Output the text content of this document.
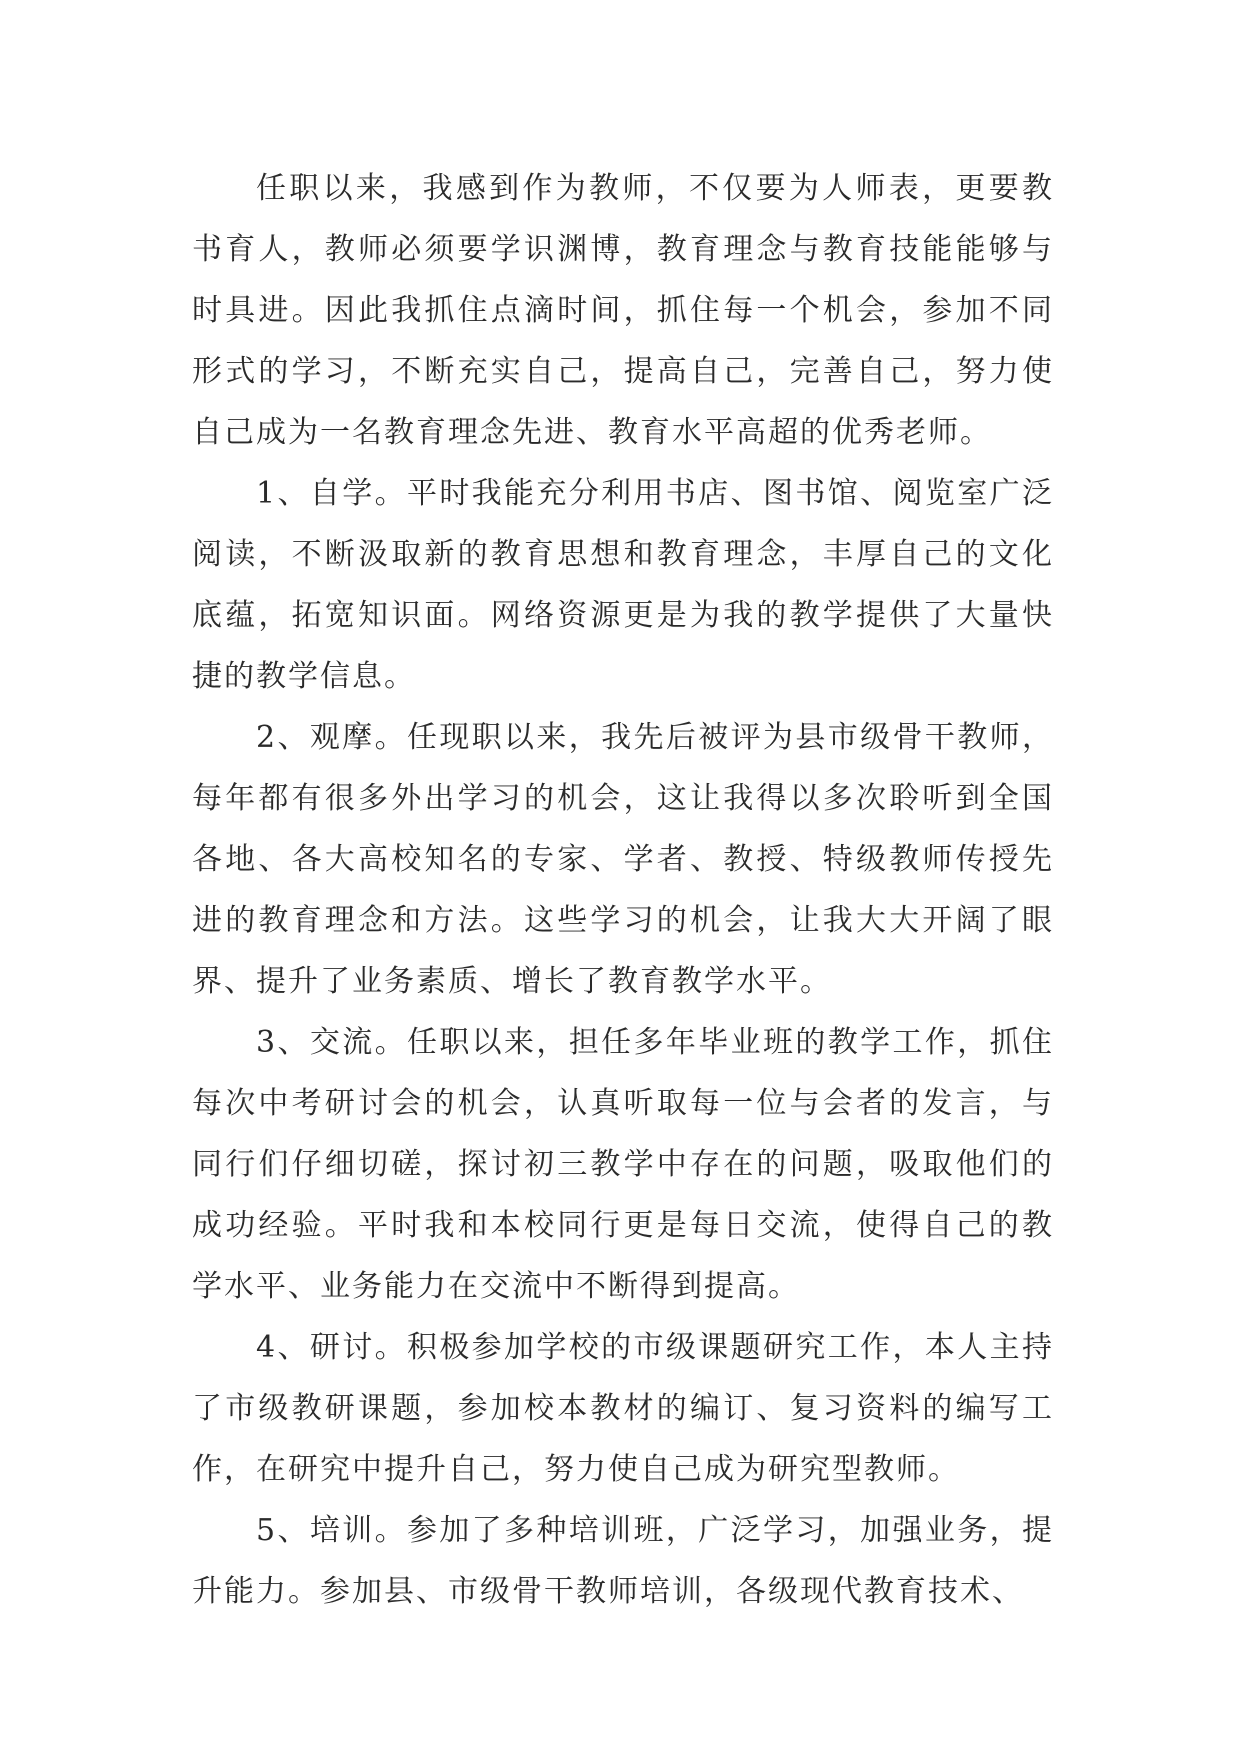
任职以来，我感到作为教师，不仅要为人师表，更要教书育人，教师必须要学识渊博，教育理念与教育技能能够与时具进。因此我抓住点滴时间，抓住每一个机会，参加不同形式的学习，不断充实自己，提高自己，完善自己，努力使自己成为一名教育理念先进、教育水平高超的优秀老师。

1、自学。平时我能充分利用书店、图书馆、阅览室广泛阅读，不断汲取新的教育思想和教育理念，丰厚自己的文化底蕴，拓宽知识面。网络资源更是为我的教学提供了大量快捷的教学信息。

2、观摩。任现职以来，我先后被评为县市级骨干教师，每年都有很多外出学习的机会，这让我得以多次聆听到全国各地、各大高校知名的专家、学者、教授、特级教师传授先进的教育理念和方法。这些学习的机会，让我大大开阔了眼界、提升了业务素质、增长了教育教学水平。

3、交流。任职以来，担任多年毕业班的教学工作，抓住每次中考研讨会的机会，认真听取每一位与会者的发言，与同行们仔细切磋，探讨初三教学中存在的问题，吸取他们的成功经验。平时我和本校同行更是每日交流，使得自己的教学水平、业务能力在交流中不断得到提高。

4、研讨。积极参加学校的市级课题研究工作，本人主持了市级教研课题，参加校本教材的编订、复习资料的编写工作，在研究中提升自己，努力使自己成为研究型教师。

5、培训。参加了多种培训班，广泛学习，加强业务，提升能力。参加县、市级骨干教师培训，各级现代教育技术、
